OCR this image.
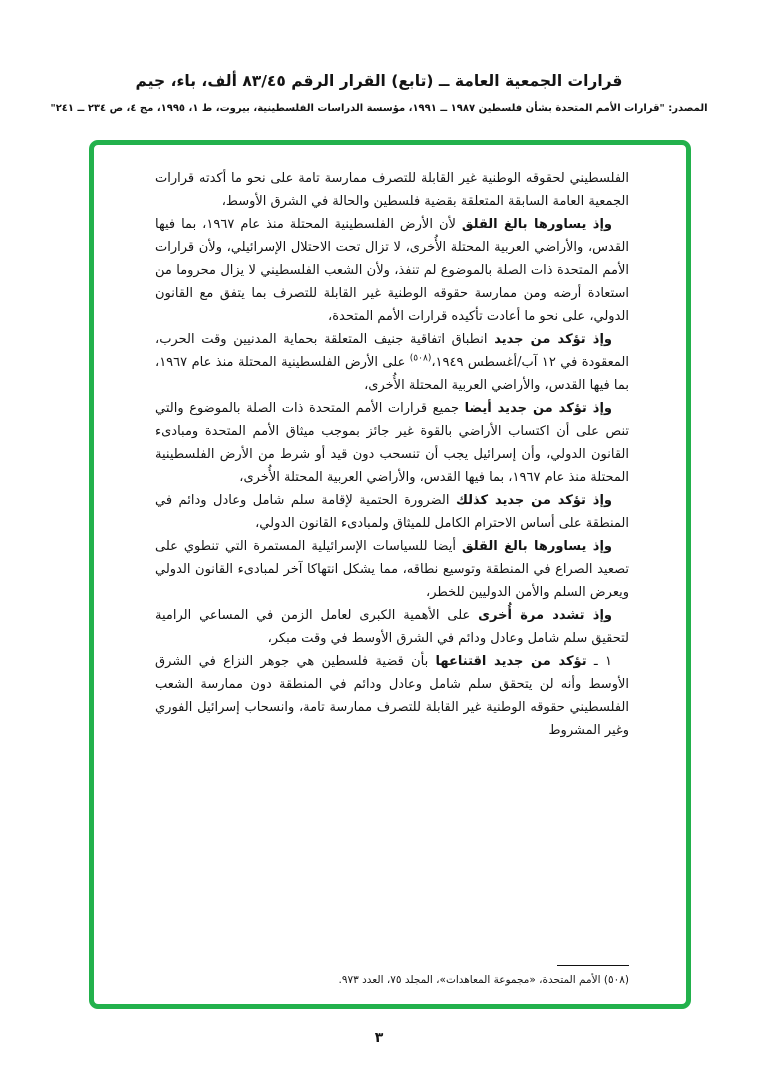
قرارات الجمعية العامة ــ (تابع) القرار الرقم ٨٣/٤٥ ألف، باء، جيم
المصدر: "قرارات الأمم المتحدة بشأن فلسطين ١٩٨٧ ــ ١٩٩١، مؤسسة الدراسات الفلسطينية، بيروت، ط ١، ١٩٩٥، مج ٤، ص ٢٣٤ ــ ٢٤١"

الفلسطيني لحقوقه الوطنية غير القابلة للتصرف ممارسة تامة على نحو ما أكدته قرارات الجمعية العامة السابقة المتعلقة بقضية فلسطين والحالة في الشرق الأوسط،

وإذ يساورها بالغ القلق لأن الأرض الفلسطينية المحتلة منذ عام ١٩٦٧، بما فيها القدس، والأراضي العربية المحتلة الأُخرى، لا تزال تحت الاحتلال الإسرائيلي، ولأن قرارات الأمم المتحدة ذات الصلة بالموضوع لم تنفذ، ولأن الشعب الفلسطيني لا يزال محروما من استعادة أرضه ومن ممارسة حقوقه الوطنية غير القابلة للتصرف بما يتفق مع القانون الدولي، على نحو ما أعادت تأكيده قرارات الأمم المتحدة،

وإذ تؤكد من جديد انطباق اتفاقية جنيف المتعلقة بحماية المدنيين وقت الحرب، المعقودة في ١٢ آب/أغسطس ١٩٤٩،$^{(٥٠٨)}$ على الأرض الفلسطينية المحتلة منذ عام ١٩٦٧، بما فيها القدس، والأراضي العربية المحتلة الأُخرى،

وإذ تؤكد من جديد أيضا جميع قرارات الأمم المتحدة ذات الصلة بالموضوع والتي تنص على أن اكتساب الأراضي بالقوة غير جائز بموجب ميثاق الأمم المتحدة ومبادىء القانون الدولي، وأن إسرائيل يجب أن تنسحب دون قيد أو شرط من الأرض الفلسطينية المحتلة منذ عام ١٩٦٧، بما فيها القدس، والأراضي العربية المحتلة الأُخرى،

وإذ تؤكد من جديد كذلك الضرورة الحتمية لإقامة سلم شامل وعادل ودائم في المنطقة على أساس الاحترام الكامل للميثاق ولمبادىء القانون الدولي،

وإذ يساورها بالغ القلق أيضا للسياسات الإسرائيلية المستمرة التي تنطوي على تصعيد الصراع في المنطقة وتوسيع نطاقه، مما يشكل انتهاكا آخر لمبادىء القانون الدولي ويعرض السلم والأمن الدوليين للخطر،

وإذ تشدد مرة أُخرى على الأهمية الكبرى لعامل الزمن في المساعي الرامية لتحقيق سلم شامل وعادل ودائم في الشرق الأوسط في وقت مبكر،

١ ـ تؤكد من جديد اقتناعها بأن قضية فلسطين هي جوهر النزاع في الشرق الأوسط وأنه لن يتحقق سلم شامل وعادل ودائم في المنطقة دون ممارسة الشعب الفلسطيني حقوقه الوطنية غير القابلة للتصرف ممارسة تامة، وانسحاب إسرائيل الفوري وغير المشروط

(٥٠٨) الأمم المتحدة، «مجموعة المعاهدات»، المجلد ٧٥، العدد ٩٧٣.
٣
